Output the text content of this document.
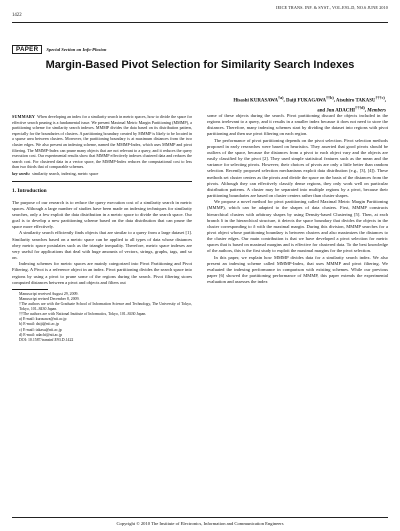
IEICE TRANS. INF. & SYST., VOL.E93–D, NO.6 JUNE 2010
1422
PAPER	Special Section on Info-Plosion
Margin-Based Pivot Selection for Similarity Search Indexes
Hisashi KURASAWA$^{\dagger a)}$, Daiji FUKAGAWA$^{\dagger\dagger b)}$, Atsuhiro TAKASU$^{\dagger\dagger\dagger c)}$,
and Jun ADACHI$^{\dagger\dagger\dagger d)}$, Members
SUMMARY When developing an index for a similarity search in metric spaces, how to divide the space for effective search pruning is a fundamental issue. We present Maximal Metric Margin Partitioning (MMMP), a partitioning scheme for similarity search indexes. MMMP divides the data based on its distribution pattern, especially for the boundaries of clusters. A partitioning boundary created by MMMP is likely to be located in a sparse area between clusters. Moreover, the partitioning boundary is at maximum distances from the two cluster edges. We also present an indexing scheme, named the MMMP-Index, which uses MMMP and pivot filtering. The MMMP-Index can prune many objects that are not relevant to a query, and it reduces the query execution cost. Our experimental results show that MMMP effectively indexes clustered data and reduces the search cost. For clustered data in a vector space, the MMMP-Index reduces the computational cost to less than two thirds that of comparable schemes.
key words: similarity search, indexing, metric space
1. Introduction

The purpose of our research is to reduce the query execution cost of a similarity search in metric spaces. Although a large number of studies have been made on indexing techniques for similarity searches, only a few exploit the data distribution in a metric space to divide the search space. Our goal is to develop a new partitioning scheme based on the data distribution that can prune the space more effectively.

A similarity search efficiently finds objects that are similar to a query from a large dataset [1]. Similarity searches based on a metric space can be applied to all types of data whose distances obey metric space postulates such as the triangle inequality. Therefore, metric space indexes are very useful for applications that deal with huge amounts of vectors, strings, graphs, tags, and so on.

Indexing schemes for metric spaces are mainly categorized into Pivot Partitioning and Pivot Filtering. A Pivot is a reference object in an index. Pivot partitioning divides the search space into regions by using a pivot to prune some of the regions during the search. Pivot filtering stores computed distances between a pivot and objects and filters out

Manuscript received August 29, 2009.

Manuscript revised December 8, 2009.

†The authors are with the Graduate School of Information Science and Technology, The University of Tokyo, Tokyo, 101–8430 Japan.

††The authors are with National Institute of Informatics, Tokyo, 101–8430 Japan.

a) E-mail: kurasawa@nii.ac.jp

b) E-mail: daiji@nii.ac.jp

c) E-mail: takasu@nii.ac.jp

d) E-mail: adachi@nii.ac.jp

DOI: 10.1587/transinf.E93.D.1422

some of these objects during the search. Pivot partitioning discard the objects included in the regions irrelevant to a query, and it results in a smaller index because it does not need to store the distances. Therefore, many indexing schemes start by dividing the dataset into regions with pivot partitioning and then use pivot filtering on each region.

The performance of pivot partitioning depends on the pivot selection. Pivot selection methods proposed in early researches were based on heuristics. They asserted that good pivots should be outliers of the space, because the distances from a pivot to each object vary and the objects are easily classified by the pivot [2]. They used simple statistical features such as the mean and the variance for selecting pivots. However, their choices of pivots are only a little better than random selection. Recently proposed selection mechanisms exploit data distribution (e.g., [3], [4]). These methods set cluster centers as the pivots and divide the space on the basis of the distances from the pivots. Although they can effectively classify dense regions, they only work well on particular distribution patterns. A cluster may be separated into multiple regions by a pivot, because their partitioning boundaries are based on cluster centers rather than cluster shapes.

We propose a novel method for pivot partitioning called Maximal Metric Margin Partitioning (MMMP), which can be adapted to the shapes of data clusters. First, MMMP constructs hierarchical clusters with arbitrary shapes by using Density-based Clustering [5]. Then, at each branch δ in the hierarchical structure, it detects the space boundary that divides the objects in the cluster corresponding to δ with the maximal margin. During this division, MMMP searches for a pivot object whose partitioning boundary is between clusters and also maximizes the distances to the cluster edges. Our main contribution is that we have developed a pivot selection for metric spaces that is based on maximal margins and is effective for clustered data. To the best knowledge of the authors, this is the first study to exploit the maximal margins for the pivot selection.

In this paper, we explain how MMMP divides data for a similarity search index. We also present an indexing scheme called MMMP-Index, that uses MMMP and pivot filtering. We evaluated the indexing performance in comparison with existing schemes. While our previous paper [6] showed the partitioning performance of MMMP, this paper extends the experimental evaluation and assesses the index

Copyright © 2010 The Institute of Electronics, Information and Communication Engineers
